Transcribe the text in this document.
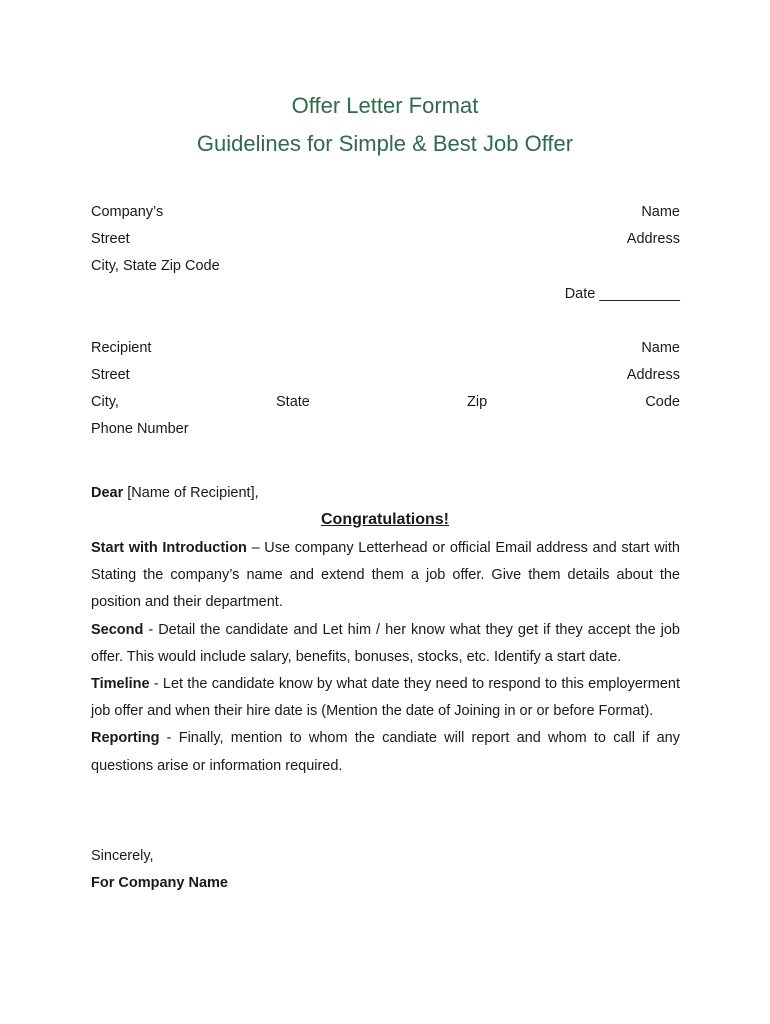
Offer Letter Format
Guidelines for Simple & Best Job Offer
Company’s	Name
Street	Address
City, State Zip Code
Date __________
Recipient	Name
Street	Address
City,	State	Zip	Code
Phone Number
Dear [Name of Recipient],
Congratulations!

Start with Introduction – Use company Letterhead or official Email address and start with Stating the company’s name and extend them a job offer. Give them details about the position and their department.

Second - Detail the candidate and Let him / her know what they get if they accept the job offer. This would include salary, benefits, bonuses, stocks, etc. Identify a start date.

Timeline - Let the candidate know by what date they need to respond to this employerment job offer and when their hire date is (Mention the date of Joining in or or before Format).

Reporting - Finally, mention to whom the candiate will report and whom to call if any questions arise or information required.

Sincerely,
For Company Name
